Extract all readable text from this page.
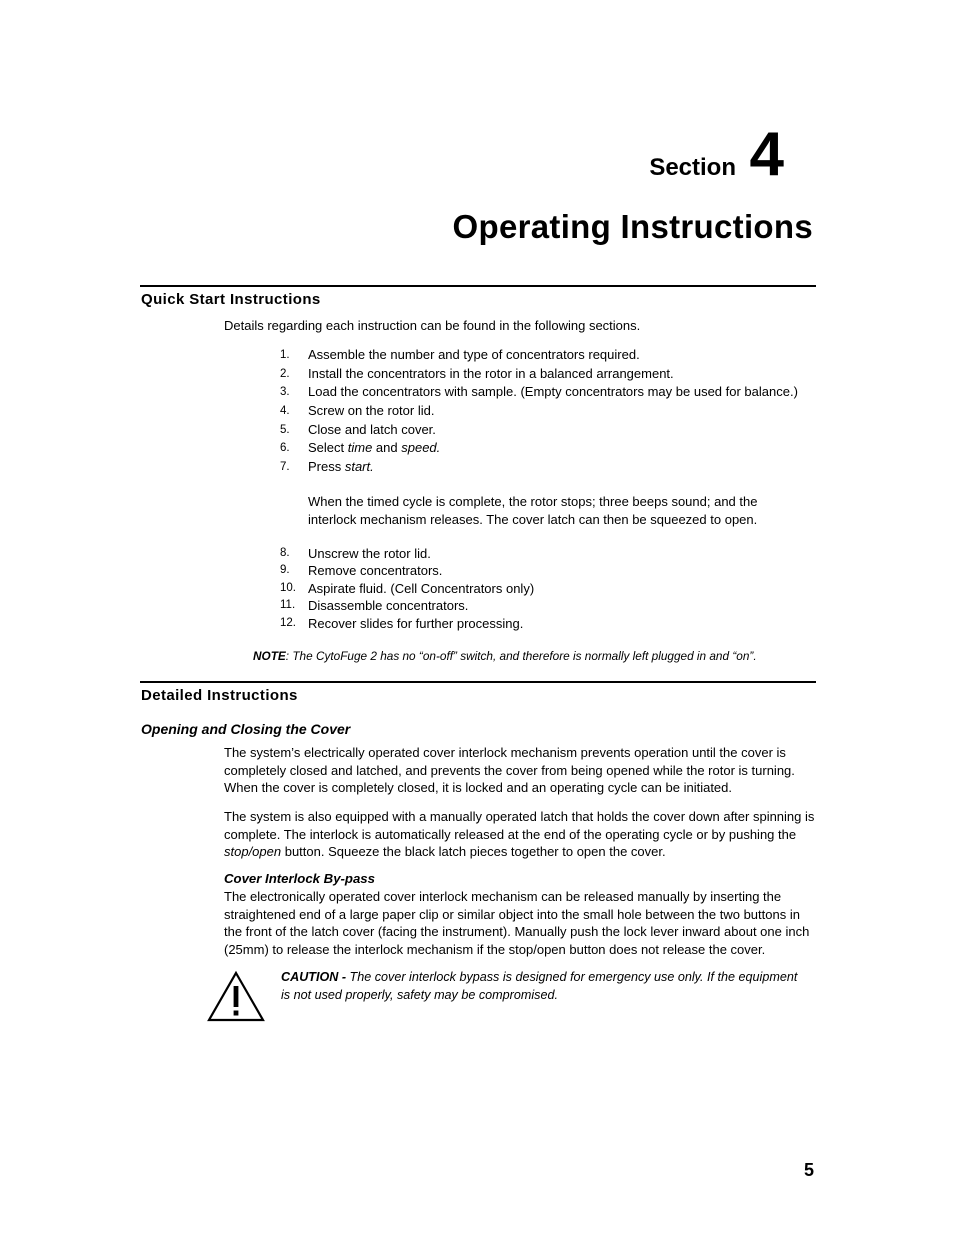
Section 4
Operating Instructions
Quick Start Instructions
Details regarding each instruction can be found in the following sections.
1. Assemble the number and type of concentrators required.
2. Install the concentrators in the rotor in a balanced arrangement.
3. Load the concentrators with sample. (Empty concentrators may be used for balance.)
4. Screw on the rotor lid.
5. Close and latch cover.
6. Select time and speed.
7. Press start.
When the timed cycle is complete, the rotor stops; three beeps sound; and the interlock mechanism releases. The cover latch can then be squeezed to open.
8. Unscrew the rotor lid.
9. Remove concentrators.
10. Aspirate fluid. (Cell Concentrators only)
11. Disassemble concentrators.
12. Recover slides for further processing.
NOTE: The CytoFuge 2 has no “on-off” switch, and therefore is normally left plugged in and “on”.
Detailed Instructions
Opening and Closing the Cover
The system’s electrically operated cover interlock mechanism prevents operation until the cover is completely closed and latched, and prevents the cover from being opened while the rotor is turning. When the cover is completely closed, it is locked and an operating cycle can be initiated.
The system is also equipped with a manually operated latch that holds the cover down after spinning is complete. The interlock is automatically released at the end of the operating cycle or by pushing the stop/open button. Squeeze the black latch pieces together to open the cover.
Cover Interlock By-pass
The electronically operated cover interlock mechanism can be released manually by inserting the straightened end of a large paper clip or similar object into the small hole between the two buttons in the front of the latch cover (facing the instrument). Manually push the lock lever inward about one inch (25mm) to release the interlock mechanism if the stop/open button does not release the cover.
CAUTION - The cover interlock bypass is designed for emergency use only. If the equipment is not used properly, safety may be compromised.
5
